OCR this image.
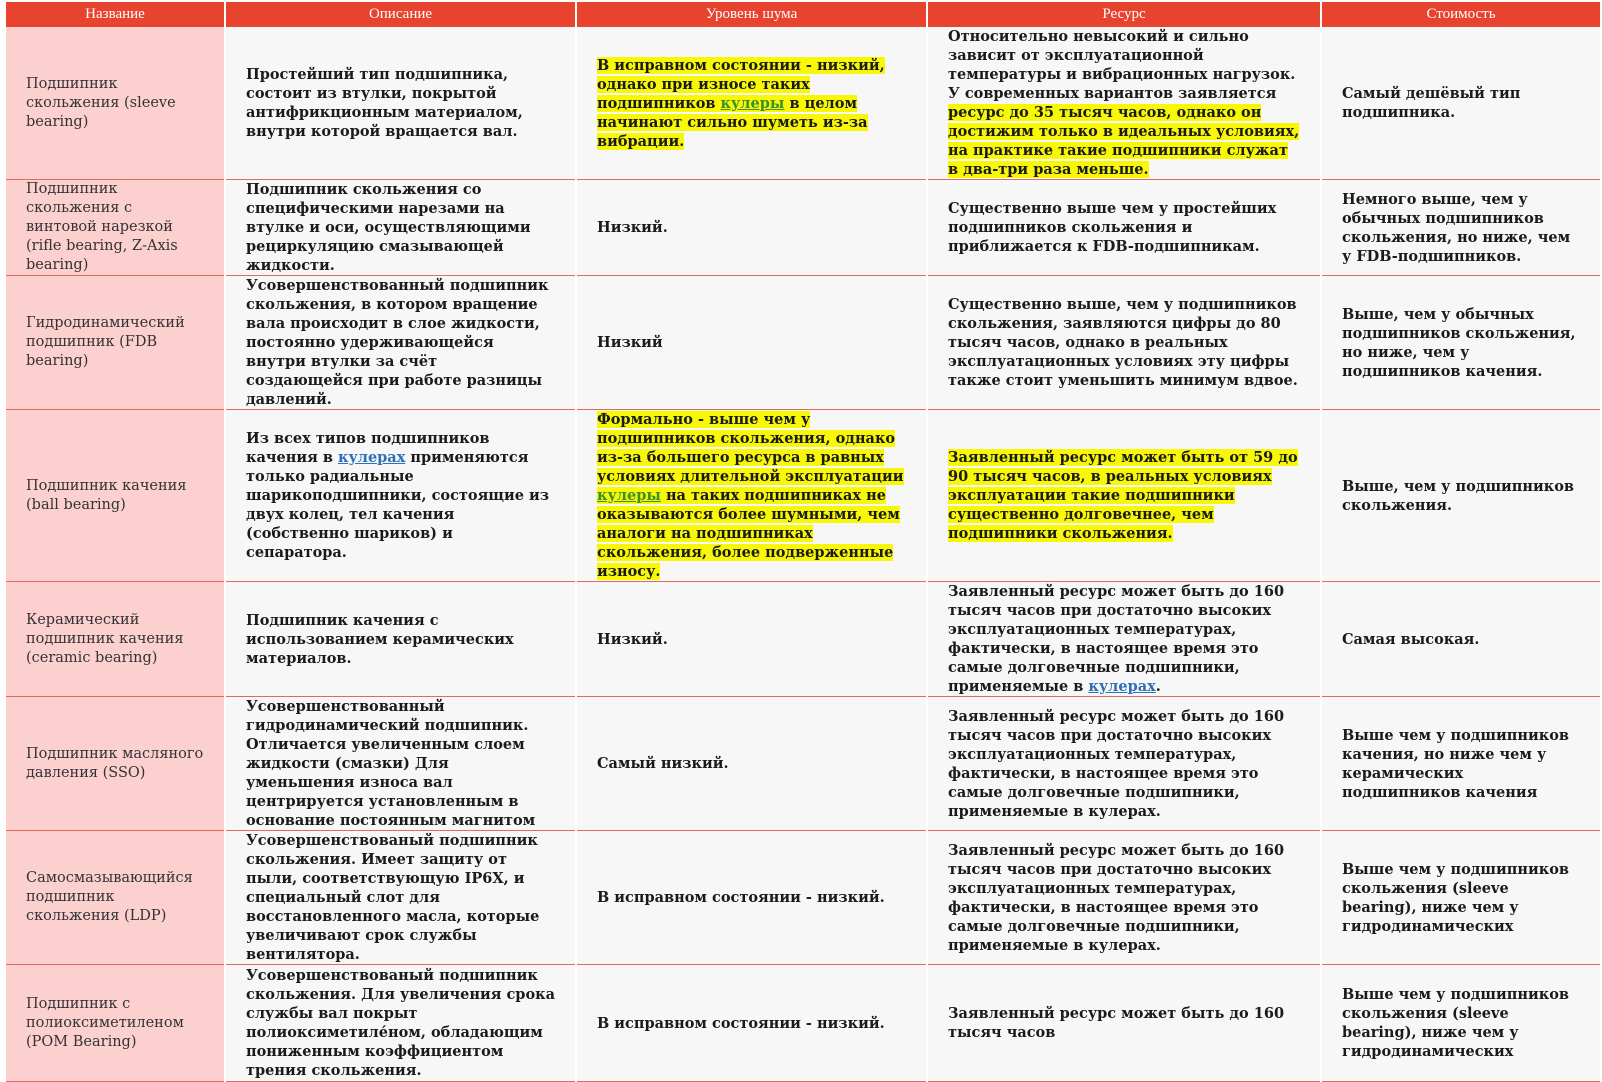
Название	Описание	Уровень шума	Ресурс	Стоимость
Подшипник скольжения (sleeve bearing)	Простейший тип подшипника, состоит из втулки, покрытой антифрикционным материалом, внутри которой вращается вал.	В исправном состоянии - низкий, однако при износе таких подшипников кулеры в целом начинают сильно шуметь из-за вибрации.	Относительно невысокий и сильно зависит от эксплуатационной температуры и вибрационных нагрузок. У современных вариантов заявляется ресурс до 35 тысяч часов, однако он достижим только в идеальных условиях, на практике такие подшипники служат в два-три раза меньше.	Самый дешёвый тип подшипника.
Подшипник скольжения с винтовой нарезкой (rifle bearing, Z-Axis bearing)	Подшипник скольжения со специфическими нарезами на втулке и оси, осуществляющими рециркуляцию смазывающей жидкости.	Низкий.	Существенно выше чем у простейших подшипников скольжения и приближается к FDB-подшипникам.	Немного выше, чем у обычных подшипников скольжения, но ниже, чем у FDB-подшипников.
Гидродинамический подшипник (FDB bearing)	Усовершенствованный подшипник скольжения, в котором вращение вала происходит в слое жидкости, постоянно удерживающейся внутри втулки за счёт создающейся при работе разницы давлений.	Низкий	Существенно выше, чем у подшипников скольжения, заявляются цифры до 80 тысяч часов, однако в реальных эксплуатационных условиях эту цифры также стоит уменьшить минимум вдвое.	Выше, чем у обычных подшипников скольжения, но ниже, чем у подшипников качения.
Подшипник качения (ball bearing)	Из всех типов подшипников качения в кулерах применяются только радиальные шарикоподшипники, состоящие из двух колец, тел качения (собственно шариков) и сепаратора.	Формально - выше чем у подшипников скольжения, однако из-за большего ресурса в равных условиях длительной эксплуатации кулеры на таких подшипниках не оказываются более шумными, чем аналоги на подшипниках скольжения, более подверженные износу.	Заявленный ресурс может быть от 59 до 90 тысяч часов, в реальных условиях эксплуатации такие подшипники существенно долговечнее, чем подшипники скольжения.	Выше, чем у подшипников скольжения.
Керамический подшипник качения (ceramic bearing)	Подшипник качения с использованием керамических материалов.	Низкий.	Заявленный ресурс может быть до 160 тысяч часов при достаточно высоких эксплуатационных температурах, фактически, в настоящее время это самые долговечные подшипники, применяемые в кулерах.	Самая высокая.
Подшипник масляного давления (SSO)	Усовершенствованный гидродинамический подшипник. Отличается увеличенным слоем жидкости (смазки) Для уменьшения износа вал центрируется установленным в основание постоянным магнитом	Самый низкий.	Заявленный ресурс может быть до 160 тысяч часов при достаточно высоких эксплуатационных температурах, фактически, в настоящее время это самые долговечные подшипники, применяемые в кулерах.	Выше чем у подшипников качения, но ниже чем у керамических подшипников качения
Самосмазывающийся подшипник скольжения (LDP)	Усовершенствованый подшипник скольжения. Имеет защиту от пыли, соответствующую IP6X, и специальный слот для восстановленного масла, которые увеличивают срок службы вентилятора.	В исправном состоянии - низкий.	Заявленный ресурс может быть до 160 тысяч часов при достаточно высоких эксплуатационных температурах, фактически, в настоящее время это самые долговечные подшипники, применяемые в кулерах.	Выше чем у подшипников скольжения (sleeve bearing), ниже чем у гидродинамических
Подшипник с полиоксиметиленом (POM Bearing)	Усовершенствованый подшипник скольжения. Для увеличения срока службы вал покрыт полиоксиметиле́ном, обладающим пониженным коэффициентом трения скольжения.	В исправном состоянии - низкий.	Заявленный ресурс может быть до 160 тысяч часов	Выше чем у подшипников скольжения (sleeve bearing), ниже чем у гидродинамических
